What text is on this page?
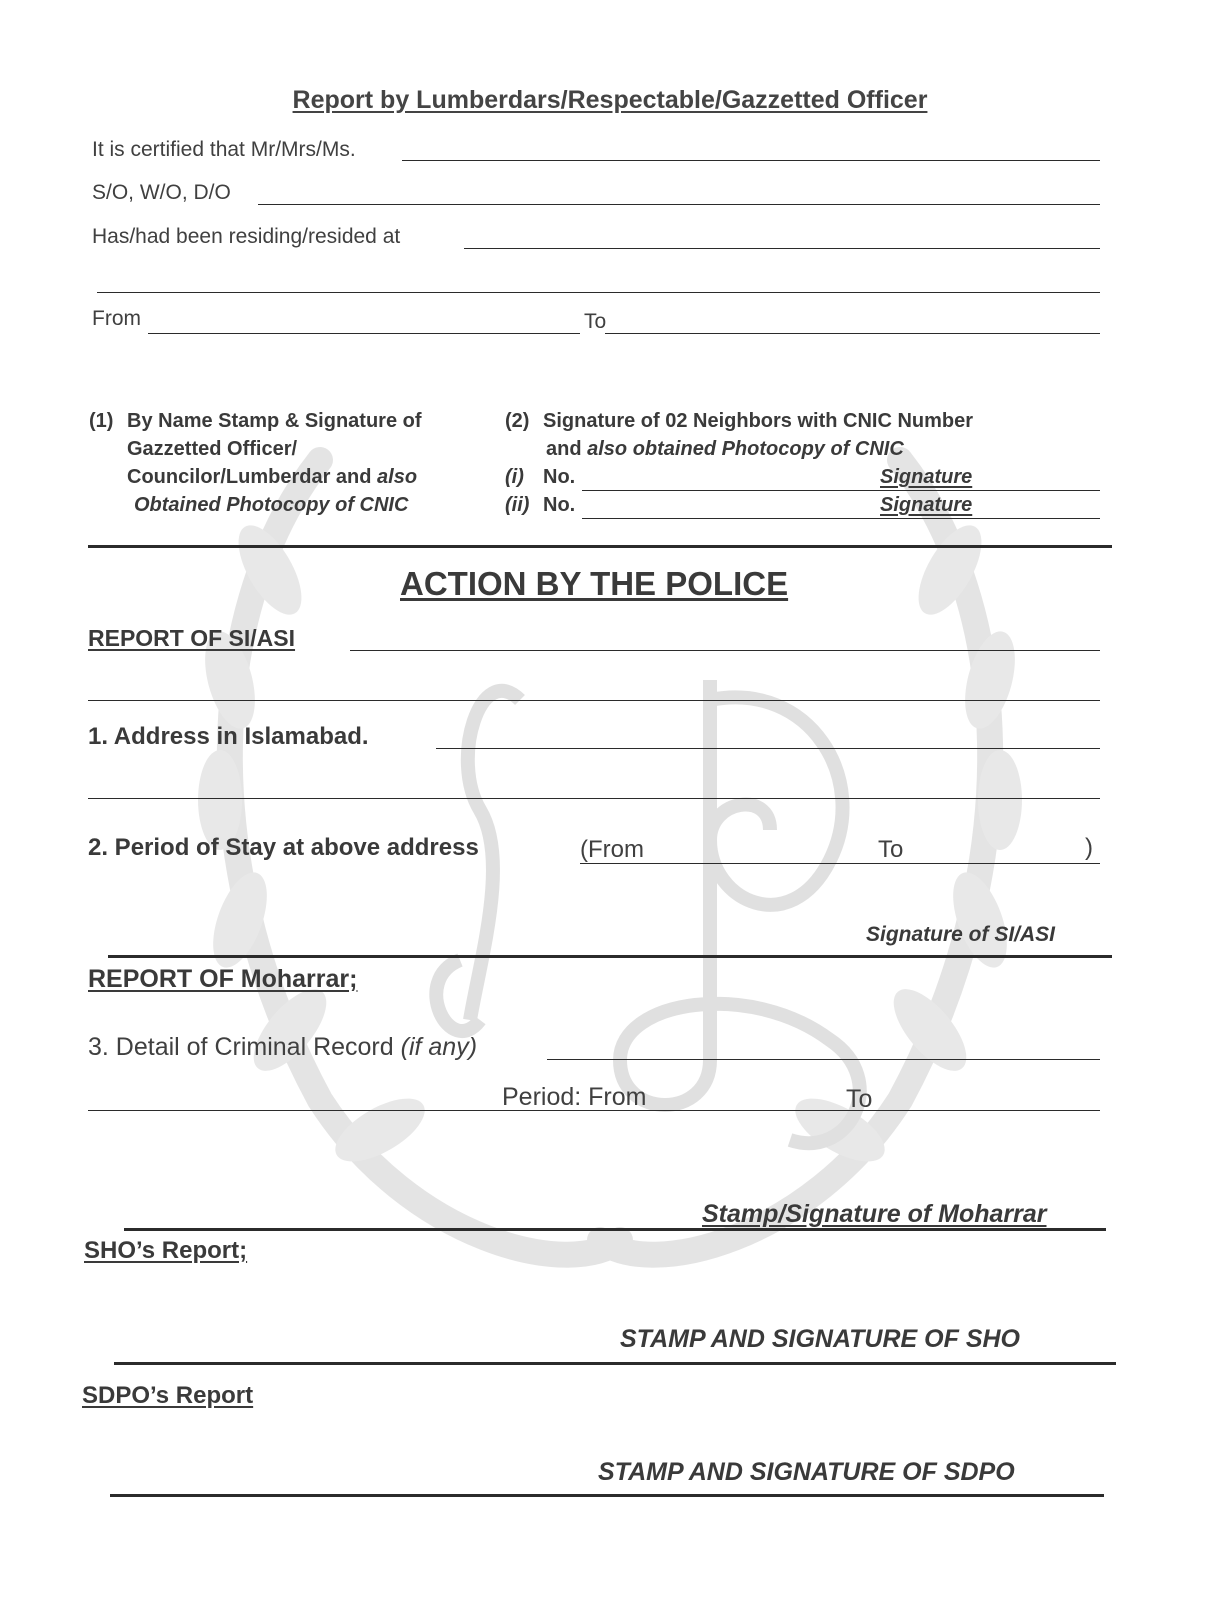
Report by Lumberdars/Respectable/Gazzetted Officer
It is certified that Mr/Mrs/Ms.
S/O, W/O, D/O
Has/had been residing/resided at
From	To
(1) By Name Stamp & Signature of
Gazzetted Officer/
Councilor/Lumberdar and also
Obtained Photocopy of CNIC
(2) Signature of 02 Neighbors with CNIC Number
and also obtained Photocopy of CNIC
(i) No.	Signature
(ii) No.	Signature
ACTION BY THE POLICE
REPORT OF SI/ASI
1. Address in Islamabad.
2. Period of Stay at above address	(From	To	)
Signature of SI/ASI
REPORT OF Moharrar;
3. Detail of Criminal Record (if any)
Period: From	To
Stamp/Signature of Moharrar
SHO’s Report;
STAMP AND SIGNATURE OF SHO
SDPO’s Report
STAMP AND SIGNATURE OF SDPO
